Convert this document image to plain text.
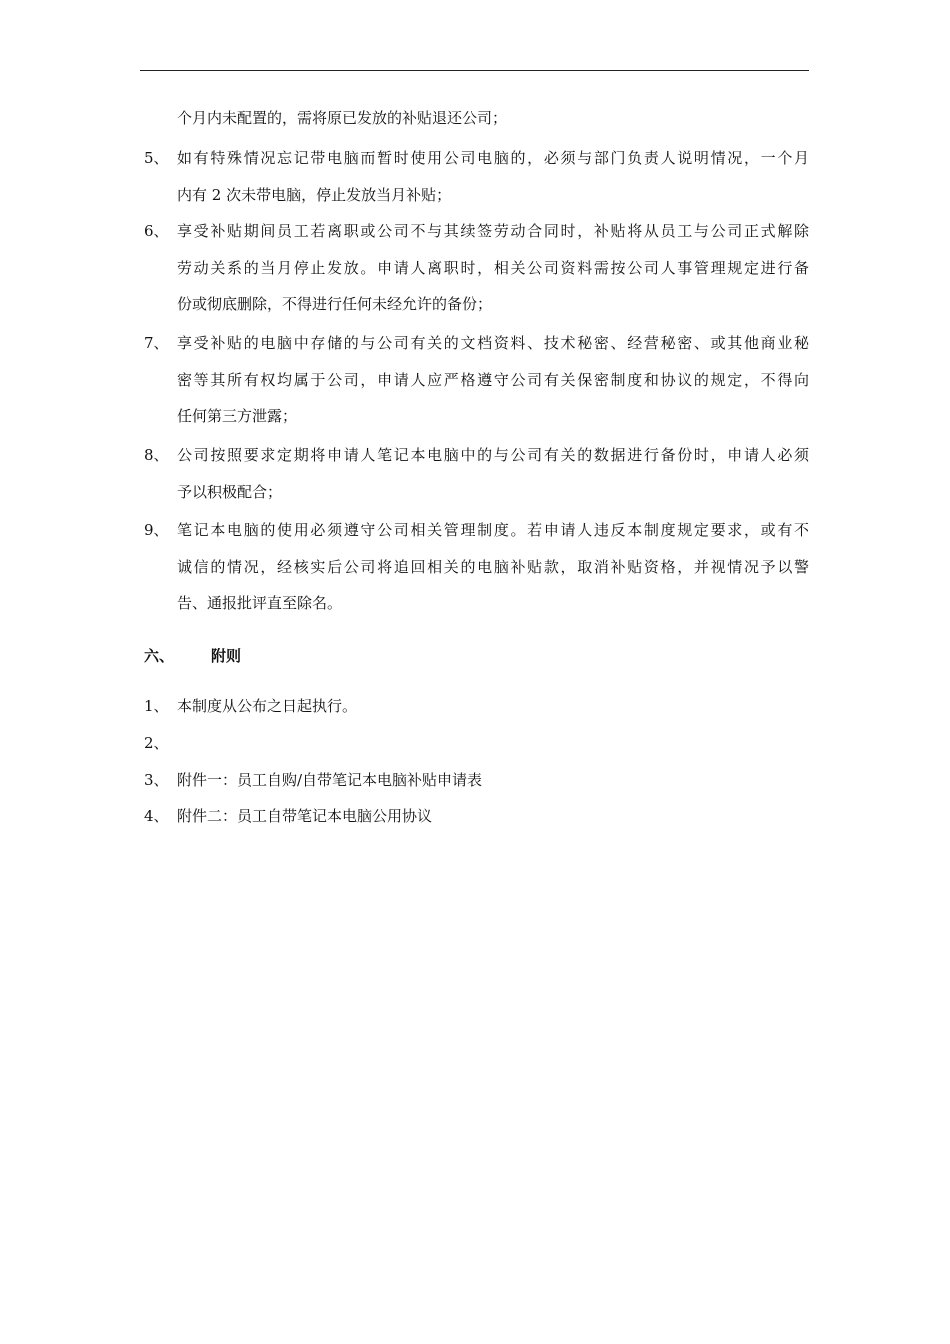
个月内未配置的，需将原已发放的补贴退还公司；
5、 如有特殊情况忘记带电脑而暂时使用公司电脑的，必须与部门负责人说明情况，一个月
内有 2 次未带电脑，停止发放当月补贴；
6、 享受补贴期间员工若离职或公司不与其续签劳动合同时，补贴将从员工与公司正式解除
劳动关系的当月停止发放。申请人离职时，相关公司资料需按公司人事管理规定进行备
份或彻底删除，不得进行任何未经允许的备份；
7、 享受补贴的电脑中存储的与公司有关的文档资料、技术秘密、经营秘密、或其他商业秘
密等其所有权均属于公司，申请人应严格遵守公司有关保密制度和协议的规定，不得向
任何第三方泄露；
8、 公司按照要求定期将申请人笔记本电脑中的与公司有关的数据进行备份时，申请人必须
予以积极配合；
9、 笔记本电脑的使用必须遵守公司相关管理制度。若申请人违反本制度规定要求，或有不
诚信的情况，经核实后公司将追回相关的电脑补贴款，取消补贴资格，并视情况予以警
告、通报批评直至除名。
六、 附则
1、 本制度从公布之日起执行。
2、
3、 附件一：员工自购/自带笔记本电脑补贴申请表
4、 附件二：员工自带笔记本电脑公用协议
